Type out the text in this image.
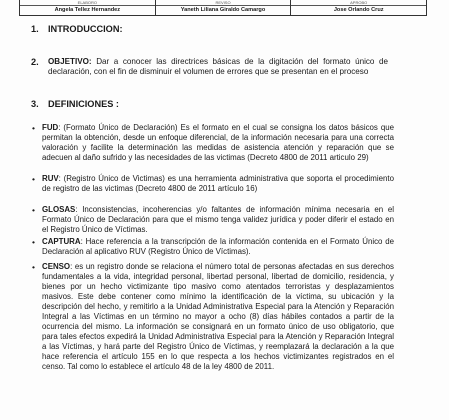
ELABORO
Angela Tellez Hernandez
REVISO
Yaneth Liliana Giraldo Camargo
APROBO
Jose Orlando Cruz
1. INTRODUCCION:
2.	OBJETIVO: Dar a conocer las directrices básicas de la digitación del formato único de declaración, con el fin de disminuir el volumen de errores que se presentan en el proceso
3. DEFINICIONES :
• FUD: (Formato Único de Declaración) Es el formato en el cual se consigna los datos básicos que permitan la obtención, desde un enfoque diferencial, de la información necesaria para una correcta valoración y facilite la determinación las medidas de asistencia atención y reparación que se adecuen al daño sufrido y las necesidades de las victimas (Decreto 4800 de 2011 articulo 29)
• RUV: (Registro Único de Victimas) es una herramienta administrativa que soporta el procedimiento de registro de las victimas (Decreto 4800 de 2011 artículo 16)
• GLOSAS: Inconsistencias, incoherencias y/o faltantes de información mínima necesaria en el Formato Único de Declaración para que el mismo tenga validez jurídica y poder diferir el estado en el Registro Único de Víctimas.
• CAPTURA: Hace referencia a la transcripción de la información contenida en el Formato Único de Declaración al aplicativo RUV (Registro Único de Víctimas).
• CENSO: es un registro donde se relaciona el número total de personas afectadas en sus derechos fundamentales a la vida, integridad personal, libertad personal, libertad de domicilio, residencia, y bienes por un hecho victimizante tipo masivo como atentados terroristas y desplazamientos masivos. Este debe contener como mínimo la identificación de la víctima, su ubicación y la descripción del hecho, y remitirlo a la Unidad Administrativa Especial para la Atención y Reparación Integral a las Víctimas en un término no mayor a ocho (8) días hábiles contados a partir de la ocurrencia del mismo. La información se consignará en un formato único de uso obligatorio, que para tales efectos expedirá la Unidad Administrativa Especial para la Atención y Reparación Integral a las Víctimas, y hará parte del Registro Único de Víctimas, y reemplazará la declaración a la que hace referencia el artículo 155 en lo que respecta a los hechos victimizantes registrados en el censo. Tal como lo establece el artículo 48 de la ley 4800 de 2011.
